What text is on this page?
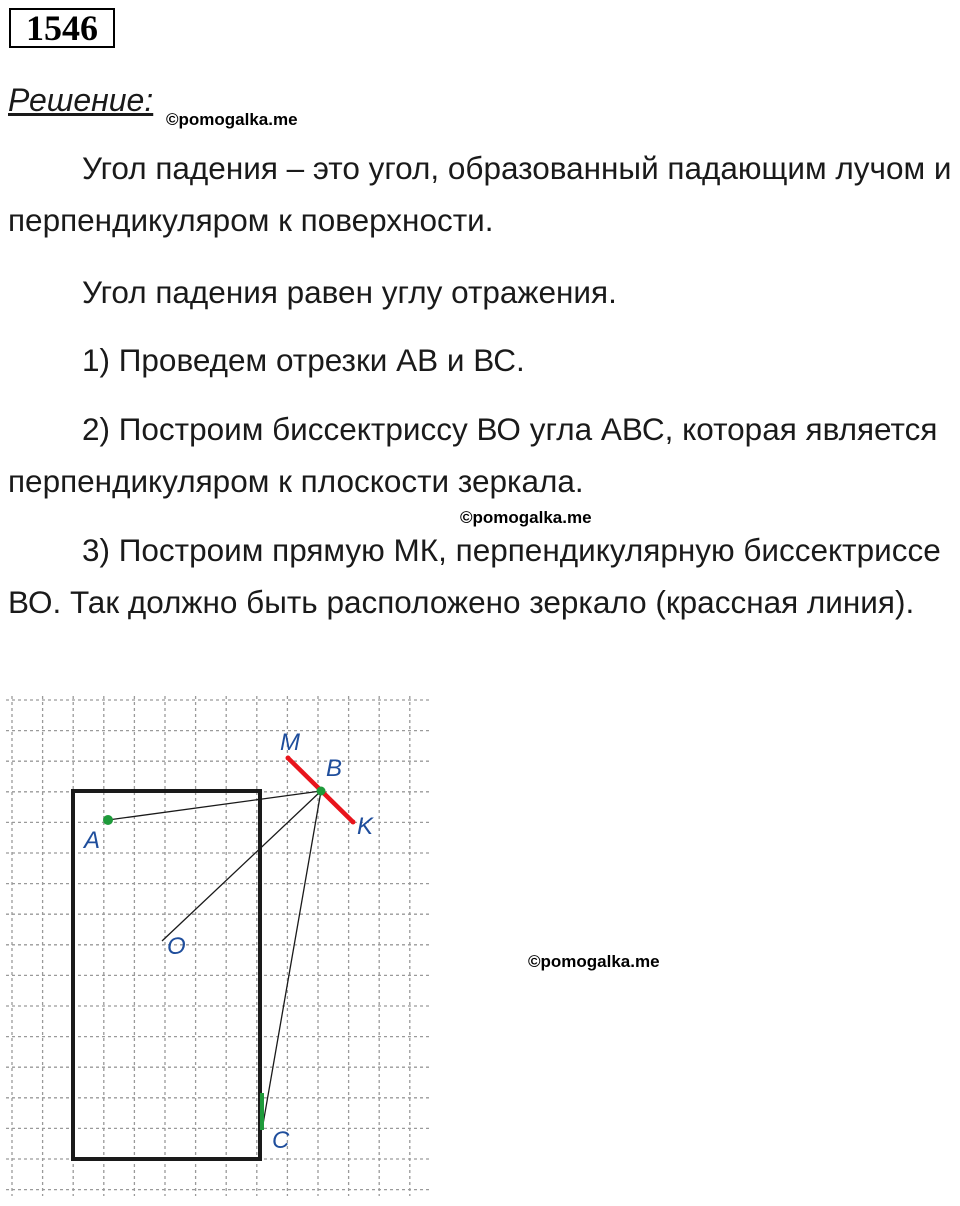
1546
Решение:
©pomogalka.me

Угол падения – это угол, образованный падающим лучом и перпендикуляром к поверхности.

Угол падения равен углу отражения.

1) Проведем отрезки АВ и ВС.

2) Построим биссектриссу ВО угла АВС, которая является перпендикуляром к плоскости зеркала.

©pomogalka.me

3) Построим прямую МК, перпендикулярную биссектриссе ВО. Так должно быть расположено зеркало (крассная линия).

©pomogalka.me
A
B
C
O
M
K
